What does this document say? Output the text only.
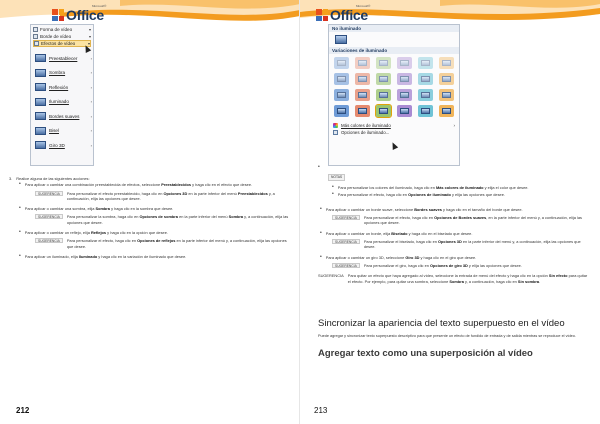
Office
Microsoft®
Forma de vídeo	▾
Borde de vídeo	▾
Efectos de vídeo	▾
Preestablecer	›
Sombra	›
Reflexión	›
Iluminado	›
Bordes suaves	›
Bisel	›
Giro 3D	›
3. Realice alguna de las siguientes acciones:
• Para aplicar o cambiar una combinación preestablecida de efectos, seleccione Preestablecidos y haga clic en el efecto que desee.
SUGERENCIA	Para personalizar el efecto preestablecido, haga clic en Opciones 3D en la parte inferior del menú Preestablecidos y, a continuación, elija las opciones que desee.
• Para aplicar o cambiar una sombra, elija Sombra y haga clic en la sombra que desee.
SUGERENCIA	Para personalizar la sombra, haga clic en Opciones de sombra en la parte inferior del menú Sombra y, a continuación, elija las opciones que desee.
• Para aplicar o cambiar un reflejo, elija Reflejos y haga clic en la opción que desee.
SUGERENCIA	Para personalizar el efecto, haga clic en Opciones de reflejos en la parte inferior del menú y, a continuación, elija las opciones que desee.
• Para aplicar un iluminado, elija Iluminado y haga clic en la variación de iluminado que desee.
212
Office
Microsoft®
No iluminado
Variaciones de iluminado
Más colores de iluminado	›
Opciones de iluminado...
•
NOTAS
• Para personalizar los colores del iluminado, haga clic en Más colores de iluminado y elija el color que desee.
• Para personalizar el efecto, haga clic en Opciones de iluminado y elija las opciones que desee.
• Para aplicar o cambiar un borde suave, seleccione Bordes suaves y haga clic en el tamaño del borde que desee.
SUGERENCIA	Para personalizar el efecto, haga clic en Opciones de Bordes suaves, en la parte inferior del menú y, a continuación, elija las opciones que desee.
• Para aplicar o cambiar un borde, elija Biselado y haga clic en el biselado que desee.
SUGERENCIA	Para personalizar el biselado, haga clic en Opciones 3D en la parte inferior del menú y, a continuación, elija las opciones que desee.
• Para aplicar o cambiar un giro 3D, seleccione Giro 3D y haga clic en el giro que desee.
SUGERENCIA	Para personalizar el giro, haga clic en Opciones de giro 3D y elija las opciones que desee.
SUGERENCIA Para quitar un efecto que haya agregado al vídeo, seleccione la entrada de menú del efecto y haga clic en la opción Sin efecto para quitar el efecto. Por ejemplo, para quitar una sombra, seleccione Sombra y, a continuación, haga clic en Sin sombra.
Sincronizar la apariencia del texto superpuesto en el vídeo
Puede agregar y sincronizar texto superpuesto descriptivo para que presente un efecto de fundido de entrada y de salida mientras se reproduce el vídeo.
Agregar texto como una superposición al vídeo
213
